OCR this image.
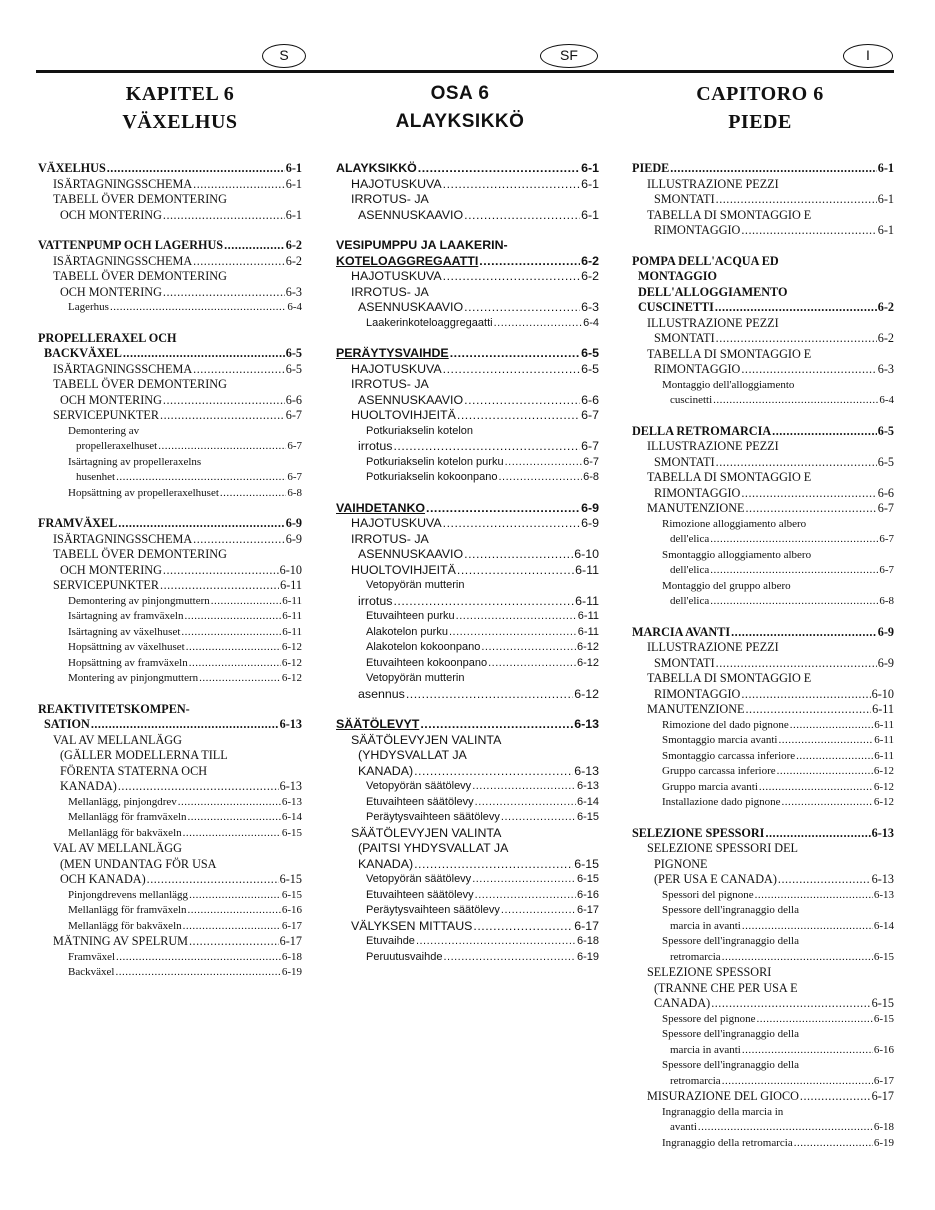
S	SF	I
KAPITEL 6
VÄXELHUS
OSA 6
ALAYKSIKKÖ
CAPITORO 6
PIEDE
VÄXELHUS .....	6-1
ISÄRTAGNINGSSCHEMA .....	6-1
TABELL ÖVER DEMONTERING
OCH MONTERING .....	6-1
VATTENPUMP OCH LAGERHUS .....	6-2
ISÄRTAGNINGSSCHEMA .....	6-2
TABELL ÖVER DEMONTERING
OCH MONTERING .....	6-3
Lagerhus .....	6-4
PROPELLERAXEL OCH
BACKVÄXEL .....	6-5
ISÄRTAGNINGSSCHEMA .....	6-5
TABELL ÖVER DEMONTERING
OCH MONTERING .....	6-6
SERVICEPUNKTER .....	6-7
Demontering av
propelleraxelhuset .....	6-7
Isärtagning av propelleraxelns
husenhet .....	6-7
Hopsättning av propelleraxelhuset .....	6-8
FRAMVÄXEL .....	6-9
ISÄRTAGNINGSSCHEMA .....	6-9
TABELL ÖVER DEMONTERING
OCH MONTERING .....	6-10
SERVICEPUNKTER .....	6-11
Demontering av pinjongmuttern .....	6-11
Isärtagning av framväxeln .....	6-11
Isärtagning av växelhuset .....	6-11
Hopsättning av växelhuset .....	6-12
Hopsättning av framväxeln .....	6-12
Montering av pinjongmuttern .....	6-12
REAKTIVITETSKOMPEN-
SATION .....	6-13
VAL AV MELLANLÄGG
(GÄLLER MODELLERNA TILL
FÖRENTA STATERNA OCH
KANADA) .....	6-13
Mellanlägg, pinjongdrev .....	6-13
Mellanlägg för framväxeln .....	6-14
Mellanlägg för bakväxeln .....	6-15
VAL AV MELLANLÄGG
(MEN UNDANTAG FÖR USA
OCH KANADA) .....	6-15
Pinjongdrevens mellanlägg .....	6-15
Mellanlägg för framväxeln .....	6-16
Mellanlägg för bakväxeln .....	6-17
MÄTNING AV SPELRUM .....	6-17
Framväxel .....	6-18
Backväxel .....	6-19
ALAYKSIKKÖ .....	6-1
HAJOTUSKUVA .....	6-1
IRROTUS- JA
ASENNUSKAAVIO .....	6-1
VESIPUMPPU JA LAAKERIN-
KOTELOAGGREGAATTI .....	6-2
HAJOTUSKUVA .....	6-2
IRROTUS- JA
ASENNUSKAAVIO .....	6-3
Laakerinkoteloaggregaatti .....	6-4
PERÄYTYSVAIHDE .....	6-5
HAJOTUSKUVA .....	6-5
IRROTUS- JA
ASENNUSKAAVIO .....	6-6
HUOLTOVIHJEITÄ .....	6-7
Potkuriakselin kotelon
irrotus .....	6-7
Potkuriakselin kotelon purku .....	6-7
Potkuriakselin kokoonpano .....	6-8
VAIHDETANKO .....	6-9
HAJOTUSKUVA .....	6-9
IRROTUS- JA
ASENNUSKAAVIO .....	6-10
HUOLTOVIHJEITÄ .....	6-11
Vetopyörän mutterin
irrotus .....	6-11
Etuvaihteen purku .....	6-11
Alakotelon purku .....	6-11
Alakotelon kokoonpano .....	6-12
Etuvaihteen kokoonpano .....	6-12
Vetopyörän mutterin
asennus .....	6-12
SÄÄTÖLEVYT .....	6-13
SÄÄTÖLEVYJEN VALINTA
(YHDYSVALLAT JA
KANADA) .....	6-13
Vetopyörän säätölevy .....	6-13
Etuvaihteen säätölevy .....	6-14
Peräytysvaihteen säätölevy .....	6-15
SÄÄTÖLEVYJEN VALINTA
(PAITSI YHDYSVALLAT JA
KANADA) .....	6-15
Vetopyörän säätölevy .....	6-15
Etuvaihteen säätölevy .....	6-16
Peräytysvaihteen säätölevy .....	6-17
VÄLYKSEN MITTAUS .....	6-17
Etuvaihde .....	6-18
Peruutusvaihde .....	6-19
PIEDE .....	6-1
ILLUSTRAZIONE PEZZI
SMONTATI .....	6-1
TABELLA DI SMONTAGGIO E
RIMONTAGGIO .....	6-1
POMPA DELL'ACQUA ED
MONTAGGIO
DELL'ALLOGGIAMENTO
CUSCINETTI .....	6-2
ILLUSTRAZIONE PEZZI
SMONTATI .....	6-2
TABELLA DI SMONTAGGIO E
RIMONTAGGIO .....	6-3
Montaggio dell'alloggiamento
cuscinetti .....	6-4
DELLA RETROMARCIA .....	6-5
ILLUSTRAZIONE PEZZI
SMONTATI .....	6-5
TABELLA DI SMONTAGGIO E
RIMONTAGGIO .....	6-6
MANUTENZIONE .....	6-7
Rimozione alloggiamento albero
dell'elica .....	6-7
Smontaggio alloggiamento albero
dell'elica .....	6-7
Montaggio del gruppo albero
dell'elica .....	6-8
MARCIA AVANTI .....	6-9
ILLUSTRAZIONE PEZZI
SMONTATI .....	6-9
TABELLA DI SMONTAGGIO E
RIMONTAGGIO .....	6-10
MANUTENZIONE .....	6-11
Rimozione del dado pignone .....	6-11
Smontaggio marcia avanti .....	6-11
Smontaggio carcassa inferiore .....	6-11
Gruppo carcassa inferiore .....	6-12
Gruppo marcia avanti .....	6-12
Installazione dado pignone .....	6-12
SELEZIONE SPESSORI .....	6-13
SELEZIONE SPESSORI DEL
PIGNONE
(PER USA E CANADA) .....	6-13
Spessori del pignone .....	6-13
Spessore dell'ingranaggio della
marcia in avanti .....	6-14
Spessore dell'ingranaggio della
retromarcia .....	6-15
SELEZIONE SPESSORI
(TRANNE CHE PER USA E
CANADA) .....	6-15
Spessore del pignone .....	6-15
Spessore dell'ingranaggio della
marcia in avanti .....	6-16
Spessore dell'ingranaggio della
retromarcia .....	6-17
MISURAZIONE DEL GIOCO .....	6-17
Ingranaggio della marcia in
avanti .....	6-18
Ingranaggio della retromarcia .....	6-19
